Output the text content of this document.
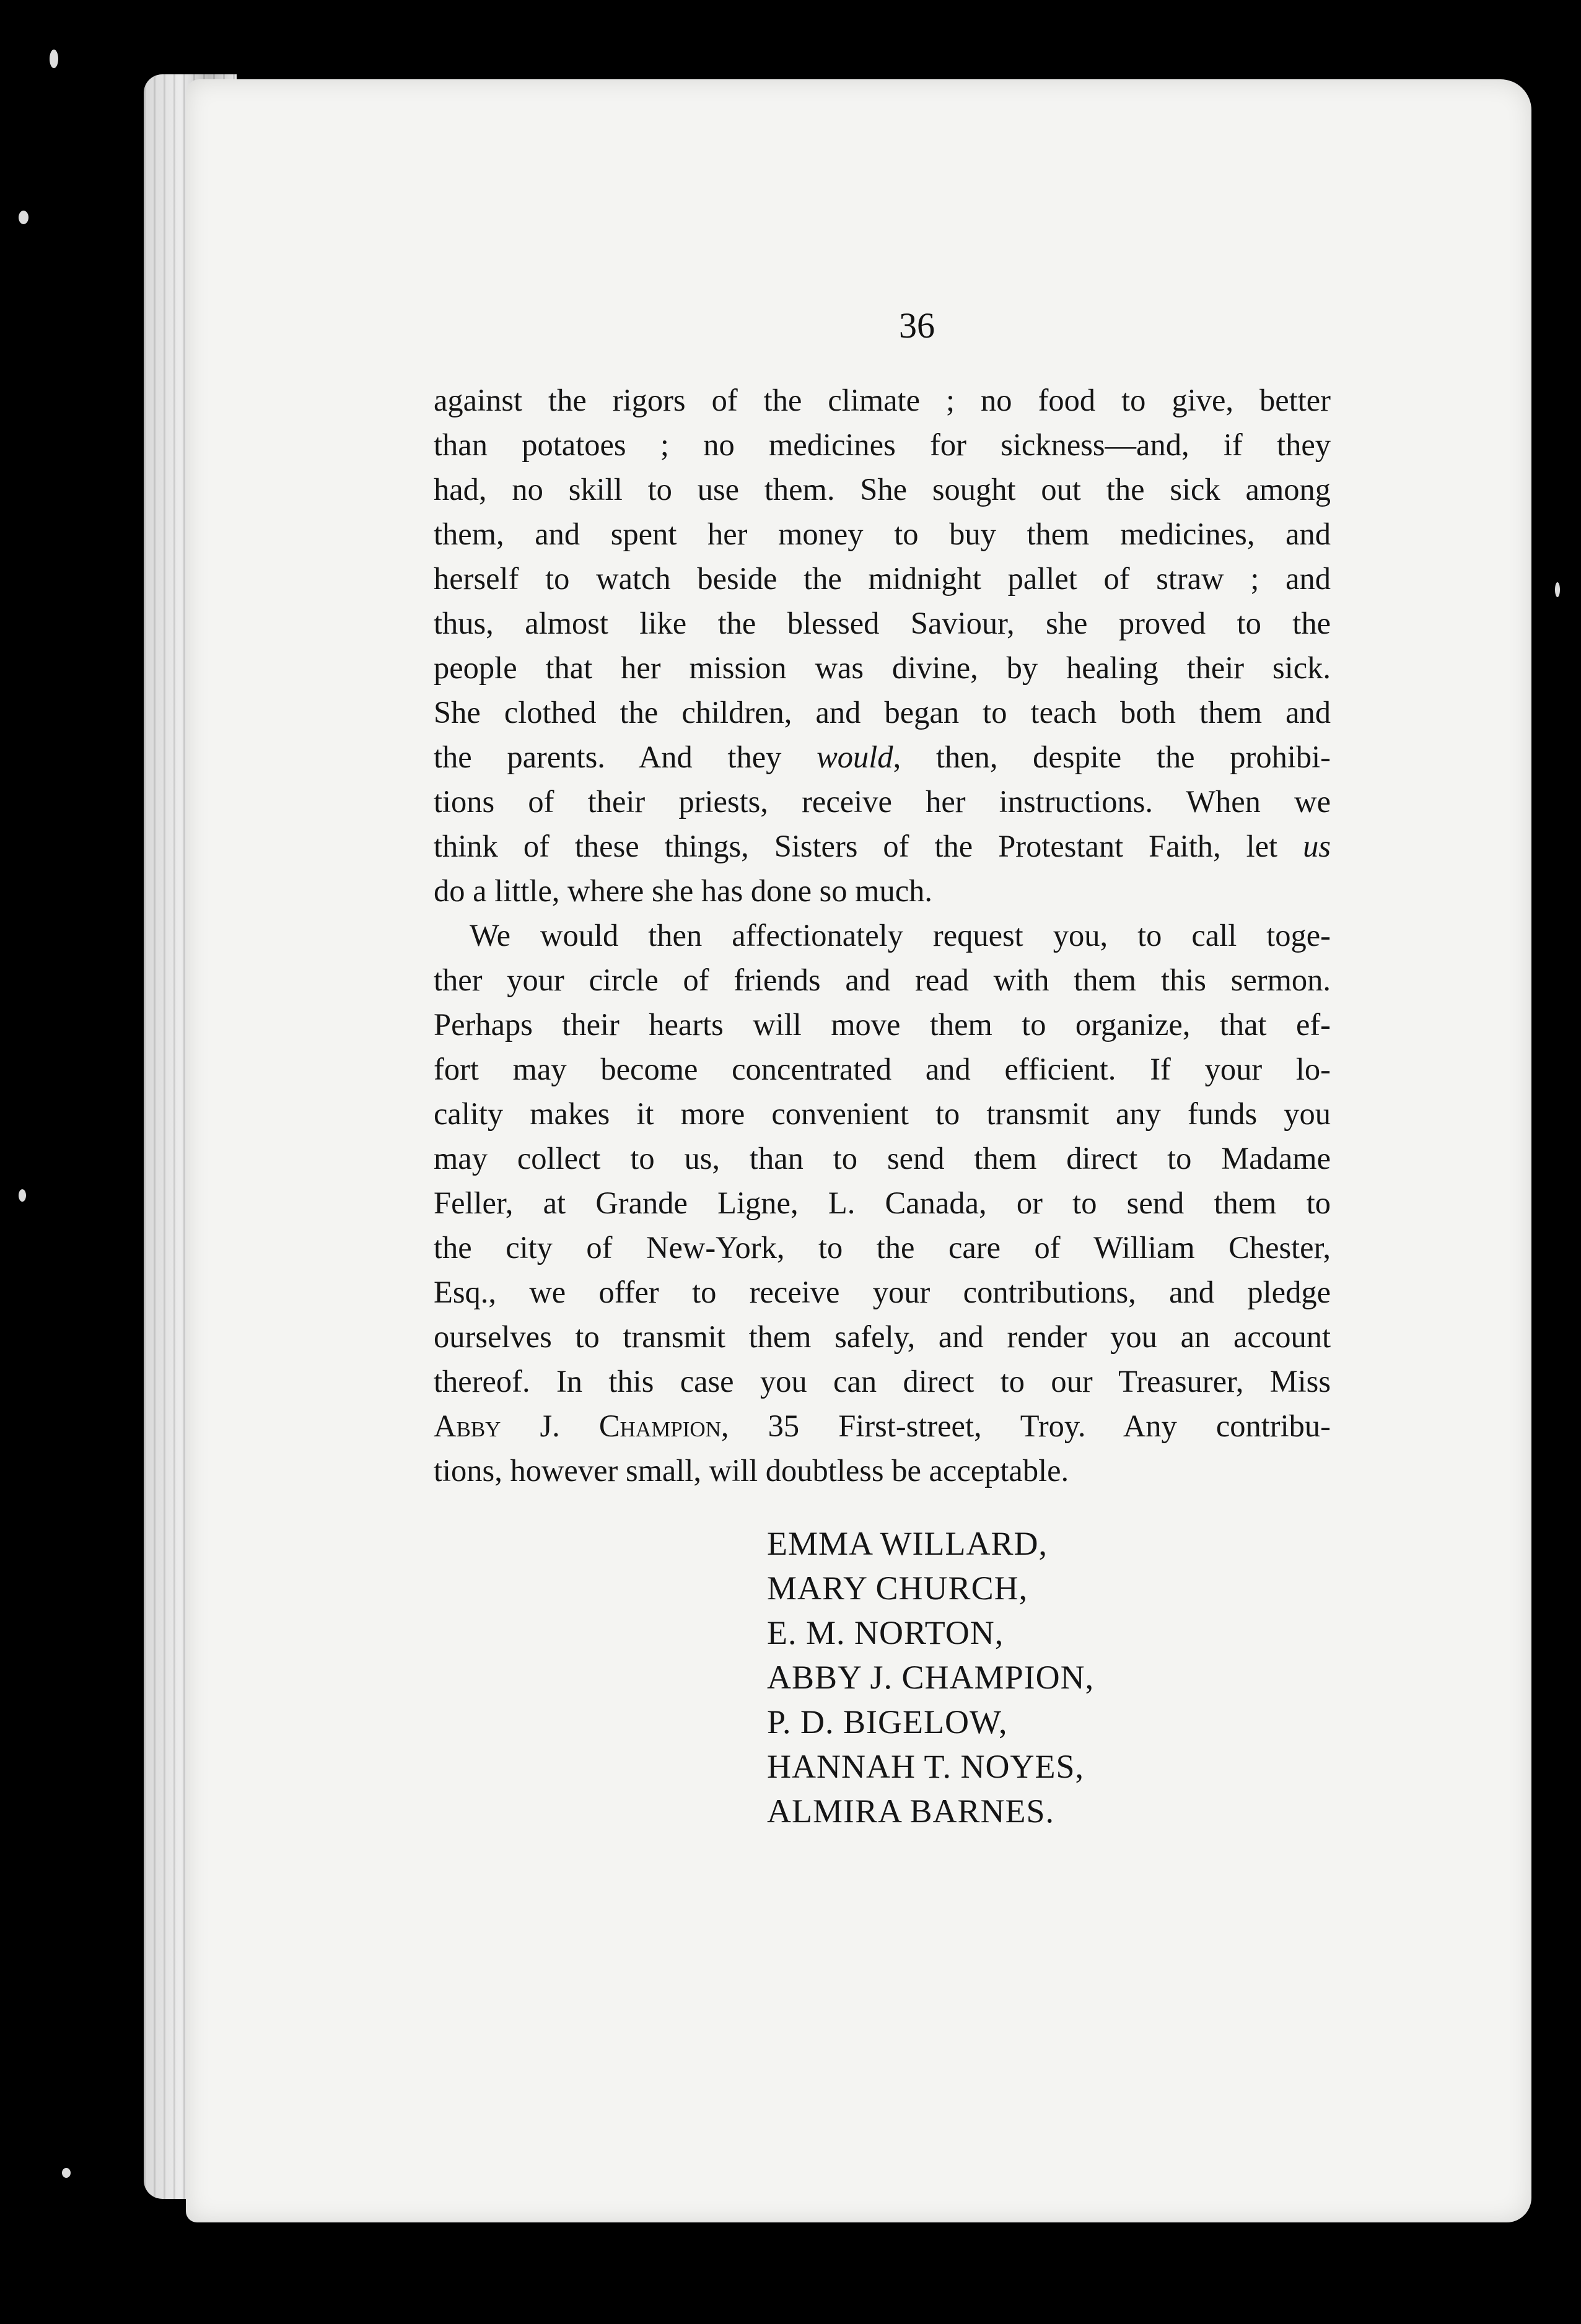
36

against the rigors of the climate ; no food to give, better
than potatoes ; no medicines for sickness—and, if they
had, no skill to use them. She sought out the sick among
them, and spent her money to buy them medicines, and
herself to watch beside the midnight pallet of straw ; and
thus, almost like the blessed Saviour, she proved to the
people that her mission was divine, by healing their sick.
She clothed the children, and began to teach both them and
the parents. And they would, then, despite the prohibi-
tions of their priests, receive her instructions. When we
think of these things, Sisters of the Protestant Faith, let us
do a little, where she has done so much.

We would then affectionately request you, to call toge-
ther your circle of friends and read with them this sermon.
Perhaps their hearts will move them to organize, that ef-
fort may become concentrated and efficient. If your lo-
cality makes it more convenient to transmit any funds you
may collect to us, than to send them direct to Madame
Feller, at Grande Ligne, L. Canada, or to send them to
the city of New-York, to the care of William Chester,
Esq., we offer to receive your contributions, and pledge
ourselves to transmit them safely, and render you an account
thereof. In this case you can direct to our Treasurer, Miss
Abby J. Champion, 35 First-street, Troy. Any contribu-
tions, however small, will doubtless be acceptable.

EMMA WILLARD,
MARY CHURCH,
E. M. NORTON,
ABBY J. CHAMPION,
P. D. BIGELOW,
HANNAH T. NOYES,
ALMIRA BARNES.
